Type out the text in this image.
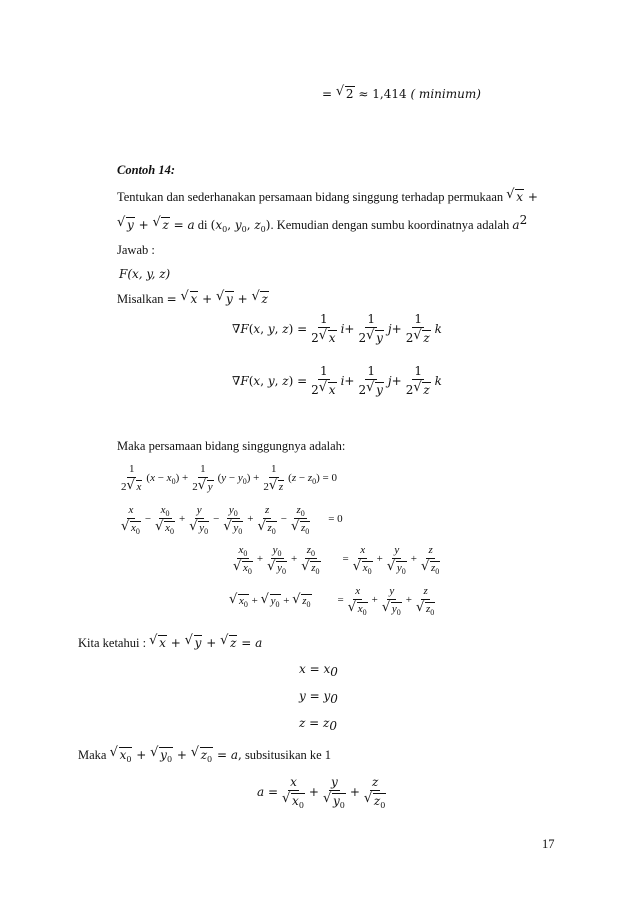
= √ 2 ≈ 1,414 ( minimum)
Contoh 14:
Tentukan dan sederhanakan persamaan bidang singgung terhadap permukaan √ x +
√ y + √ z = a di ($x_0$, $y_0$, $z_0$). Kemudian dengan sumbu koordinatnya adalah $a^2$
Jawab :
F(x, y, z)
Misalkan = √ x + √ y + √ z
∇F(x, y, $z) = \frac{1}{2 √ x}$ $i + \frac{1}{2 √ y}$ $j + \frac{1}{2 √ z}$ k
∇F(x, y, $z) = \frac{1}{2 √ x}$ $i + \frac{1}{2 √ y}$ $j + \frac{1}{2 √ z}$ k
Maka persamaan bidang singgungnya adalah:
$\frac{1}{2 √ x} (x - x_0) + \frac{1}{2 √ y} (y - y_0) + \frac{1}{2 √ z} (z - z_0) = 0$
x
√ $x_0 - x_0$
√ $x_0 + y$
√ $y_0 - y_0$
√ $y_0 + z$
√ $z_0 - z_0$
√ $z_0 = 0$
$x_0$
√ $x_0 + y_0$
√ $y_0 + z_0$
√ $z_0 = x$
√ $x_0 + y$
√ $y_0 + z$
√ $z_0$
√ $x_0$ + √ $y_0$ + √ $z_0 = x$
√ $x_0 + y$
√ $y_0 + z$
√ $z_0$
Kita ketahui : √ x + √ y + √ z = a
$x = x_0$
$y = y_0$
$z = z_0$
Maka √ $x_0$ + √ $y_0$ + √ $z_0 = a$, subsitusikan ke 1
a = x
√ $x_0 + y$
√ $y_0 + z$
√ $z_0$
17
